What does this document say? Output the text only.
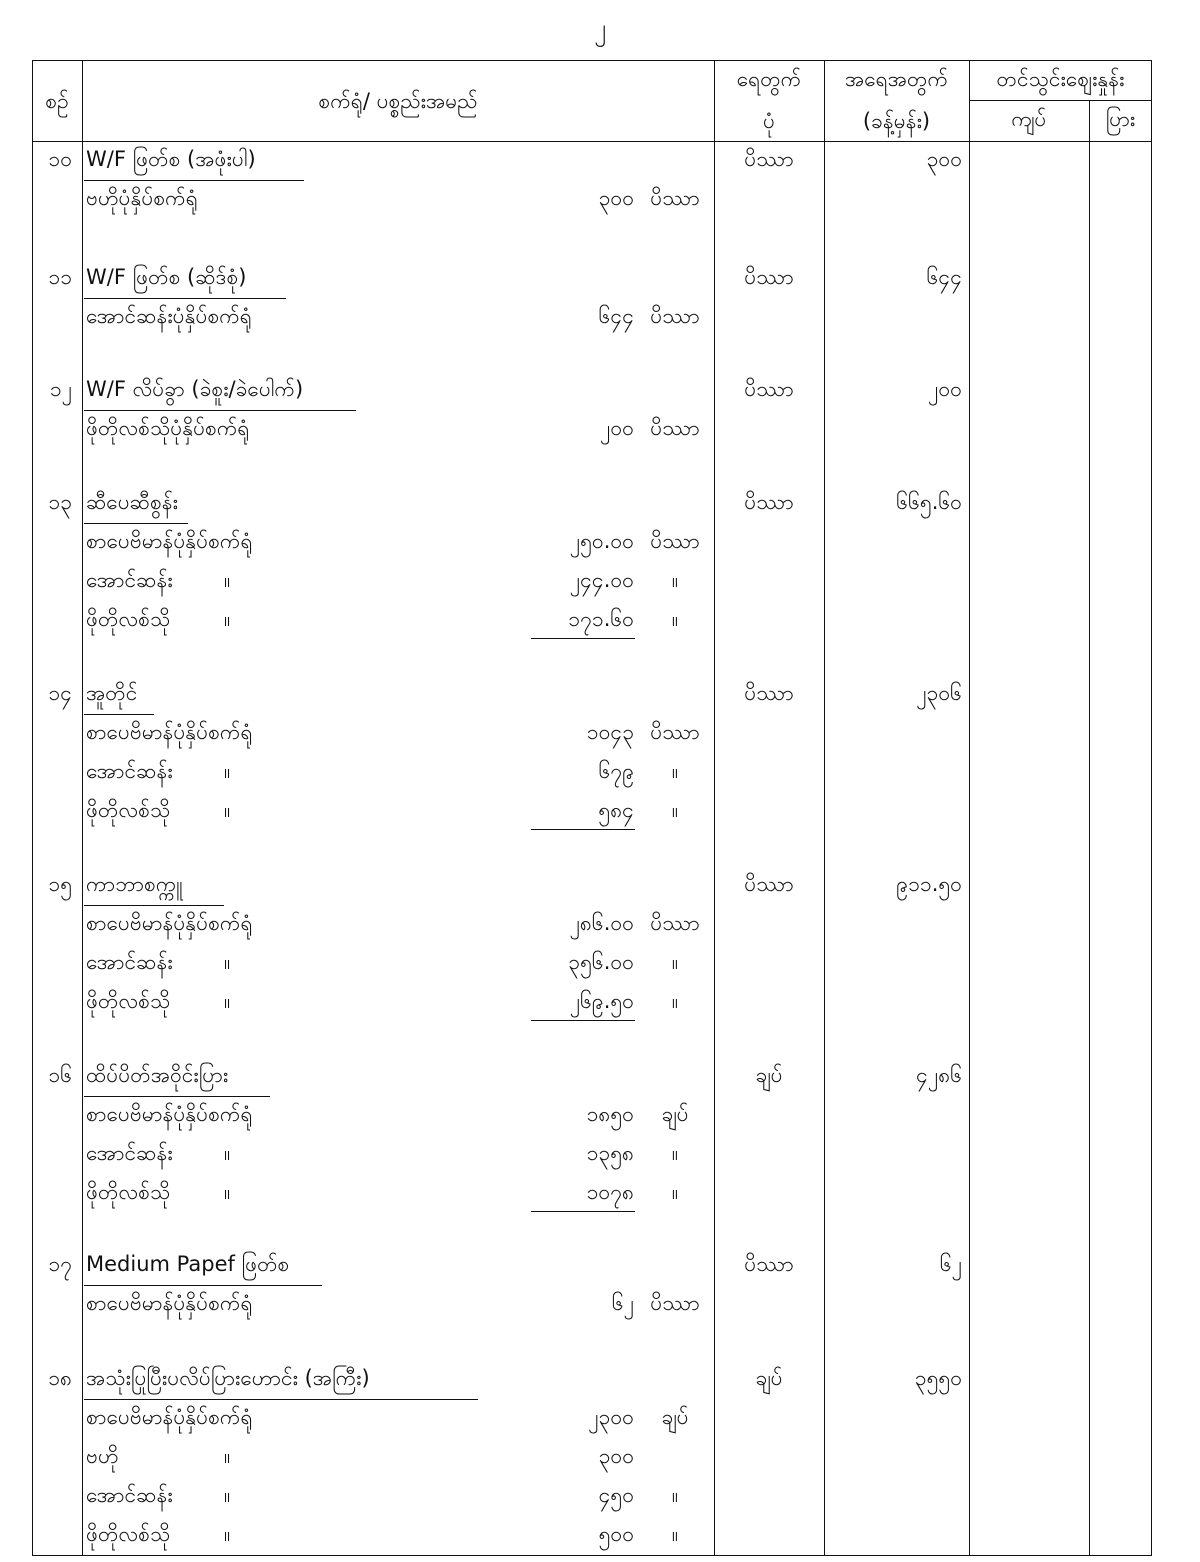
၂
စဉ်	စက်ရုံ/ ပစ္စည်းအမည်
ရေတွက်
ပုံ
အရေအတွက်
(ခန့်မှန်း)
တင်သွင်းဈေးနှုန်း
ကျပ်	ပြား
၁၀ W/F ဖြတ်စ (အဖုံးပါ)	ပိဿာ	၃၀၀
ဗဟိုပုံနှိပ်စက်ရုံ	၃၀၀ ပိဿာ
၁၁ W/F ဖြတ်စ (ဆိုဒ်စုံ)	ပိဿာ	၆၄၄
အောင်ဆန်းပုံနှိပ်စက်ရုံ	၆၄၄ ပိဿာ
၁၂ W/F လိပ်ခွာ (ခဲစူး/ခဲပေါက်)	ပိဿာ	၂၀၀
ဖိုတိုလစ်သိုပုံနှိပ်စက်ရုံ	၂၀၀ ပိဿာ
၁၃ ဆီပေဆီစွန်း	ပိဿာ	၆၆၅.၆၀
စာပေဗိမာန်ပုံနှိပ်စက်ရုံ	၂၅၀.၀၀ ပိဿာ
အောင်ဆန်း ။	၂၄၄.၀၀	။
ဖိုတိုလစ်သို	။	၁၇၁.၆၀	။
၁၄ အူတိုင်	ပိဿာ	၂၃၀၆
စာပေဗိမာန်ပုံနှိပ်စက်ရုံ	၁၀၄၃ ပိဿာ
အောင်ဆန်း ။	၆၇၉	။
ဖိုတိုလစ်သို	။	၅၈၄	။
၁၅ ကာဘာစက္ကူ	ပိဿာ	၉၁၁.၅၀
စာပေဗိမာန်ပုံနှိပ်စက်ရုံ	၂၈၆.၀၀ ပိဿာ
အောင်ဆန်း ။	၃၅၆.၀၀	။
ဖိုတိုလစ်သို	။	၂၆၉.၅၀	။
၁၆ ထိပ်ပိတ်အဝိုင်းပြား	ချပ်	၄၂၈၆
စာပေဗိမာန်ပုံနှိပ်စက်ရုံ	၁၈၅၀	ချပ်
အောင်ဆန်း ။	၁၃၅၈	။
ဖိုတိုလစ်သို	။	၁၀၇၈	။
၁၇ Medium Papef ဖြတ်စ	ပိဿာ	၆၂
စာပေဗိမာန်ပုံနှိပ်စက်ရုံ	၆၂ ပိဿာ
၁၈ အသုံးပြုပြီးပလိပ်ပြားဟောင်း (အကြီး)	ချပ်	၃၅၅၀
စာပေဗိမာန်ပုံနှိပ်စက်ရုံ	၂၃၀၀	ချပ်
ဗဟို	။	၃၀၀
အောင်ဆန်း ။	၄၅၀	။
ဖိုတိုလစ်သို	။	၅၀၀	။
